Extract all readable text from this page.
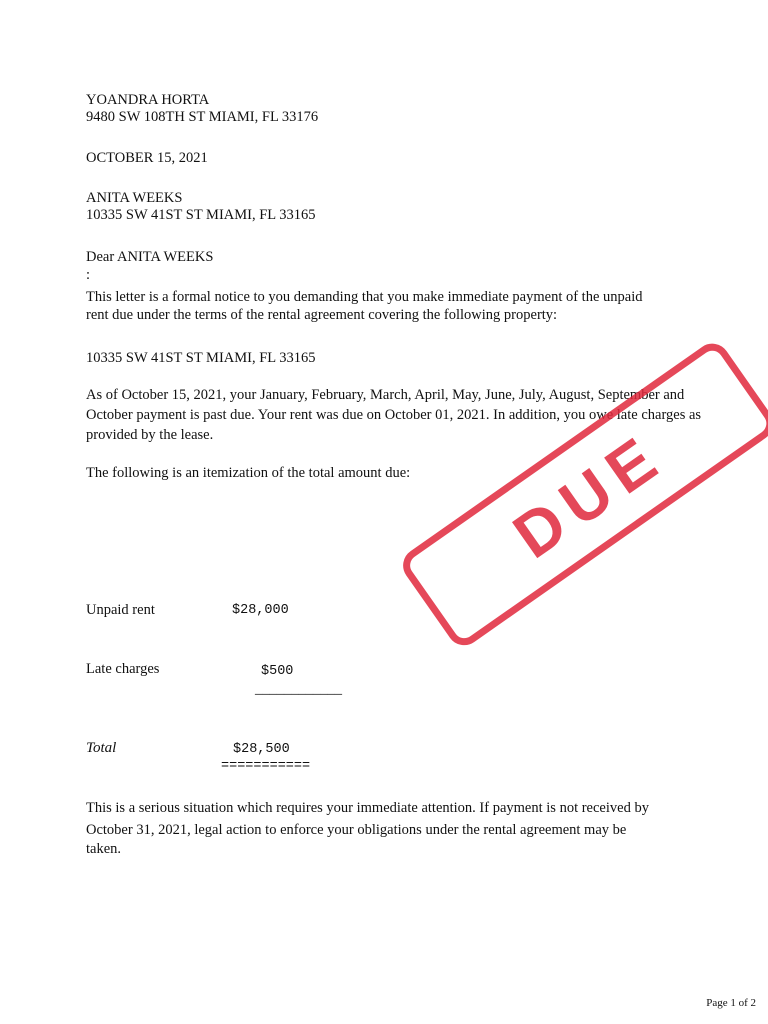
YOANDRA HORTA
9480 SW 108TH ST MIAMI, FL 33176
OCTOBER 15, 2021
ANITA WEEKS
10335 SW 41ST ST MIAMI, FL 33165
Dear ANITA WEEKS
:
This letter is a formal notice to you demanding that you make immediate payment of the unpaid
rent due under the terms of the rental agreement covering the following property:
10335 SW 41ST ST MIAMI, FL 33165
As of October 15, 2021, your January, February, March, April, May, June, July, August, September and
October payment is past due. Your rent was due on October 01, 2021. In addition, you owe late charges as
provided by the lease.
The following is an itemization of the total amount due:
Unpaid rent	$28,000
Late charges	$500
____________
Total	$28,500
===========
This is a serious situation which requires your immediate attention. If payment is not received by
October 31, 2021, legal action to enforce your obligations under the rental agreement may be
taken.
DUE
Page 1 of 2
